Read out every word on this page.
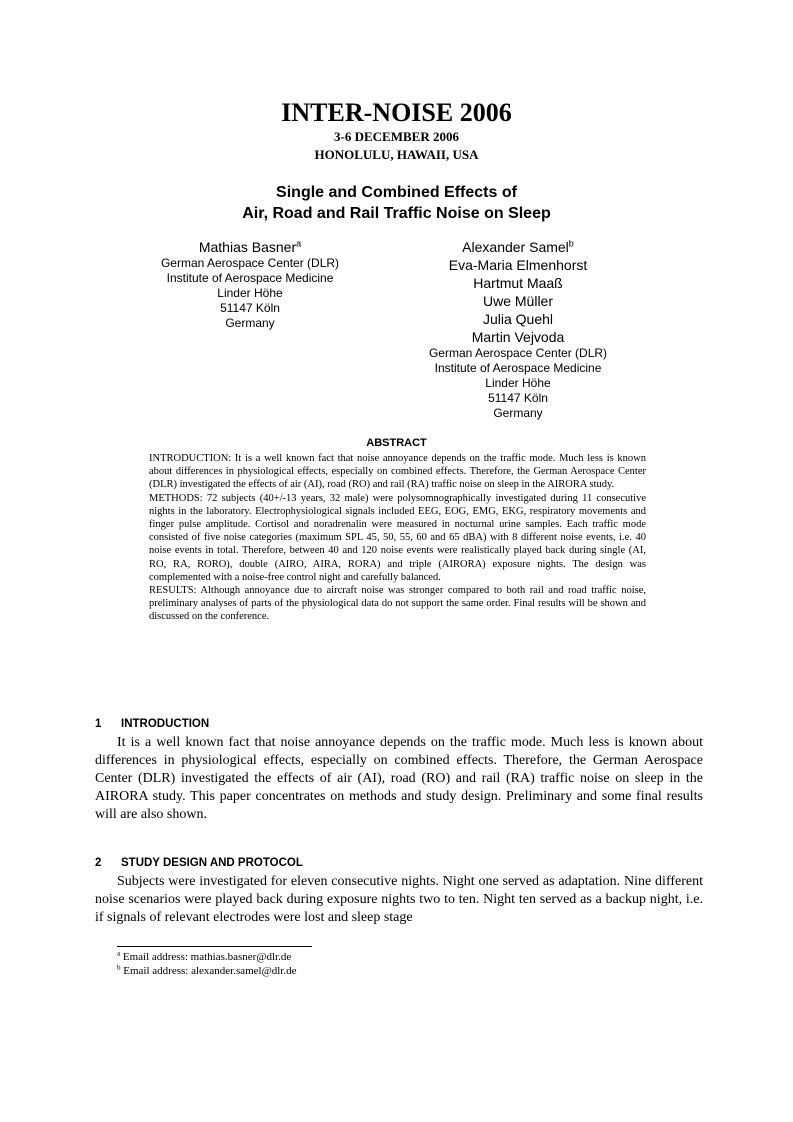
INTER-NOISE 2006
3-6 DECEMBER 2006
HONOLULU, HAWAII, USA
Single and Combined Effects of
Air, Road and Rail Traffic Noise on Sleep
Mathias Basner$^a$
German Aerospace Center (DLR)
Institute of Aerospace Medicine
Linder Höhe
51147 Köln
Germany
Alexander Samel$^b$
Eva-Maria Elmenhorst
Hartmut Maaß
Uwe Müller
Julia Quehl
Martin Vejvoda
German Aerospace Center (DLR)
Institute of Aerospace Medicine
Linder Höhe
51147 Köln
Germany
ABSTRACT

INTRODUCTION: It is a well known fact that noise annoyance depends on the traffic mode. Much less is known about differences in physiological effects, especially on combined effects. Therefore, the German Aerospace Center (DLR) investigated the effects of air (AI), road (RO) and rail (RA) traffic noise on sleep in the AIRORA study.

METHODS: 72 subjects (40+/-13 years, 32 male) were polysomnographically investigated during 11 consecutive nights in the laboratory. Electrophysiological signals included EEG, EOG, EMG, EKG, respiratory movements and finger pulse amplitude. Cortisol and noradrenalin were measured in nocturnal urine samples. Each traffic mode consisted of five noise categories (maximum SPL 45, 50, 55, 60 and 65 dBA) with 8 different noise events, i.e. 40 noise events in total. Therefore, between 40 and 120 noise events were realistically played back during single (AI, RO, RA, RORO), double (AIRO, AIRA, RORA) and triple (AIRORA) exposure nights. The design was complemented with a noise-free control night and carefully balanced.

RESULTS: Although annoyance due to aircraft noise was stronger compared to both rail and road traffic noise, preliminary analyses of parts of the physiological data do not support the same order. Final results will be shown and discussed on the conference.

1 INTRODUCTION

It is a well known fact that noise annoyance depends on the traffic mode. Much less is known about differences in physiological effects, especially on combined effects. Therefore, the German Aerospace Center (DLR) investigated the effects of air (AI), road (RO) and rail (RA) traffic noise on sleep in the AIRORA study. This paper concentrates on methods and study design. Preliminary and some final results will are also shown.

2 STUDY DESIGN AND PROTOCOL

Subjects were investigated for eleven consecutive nights. Night one served as adaptation. Nine different noise scenarios were played back during exposure nights two to ten. Night ten served as a backup night, i.e. if signals of relevant electrodes were lost and sleep stage

$^a$ Email address: mathias.basner@dlr.de
$^b$ Email address: alexander.samel@dlr.de
